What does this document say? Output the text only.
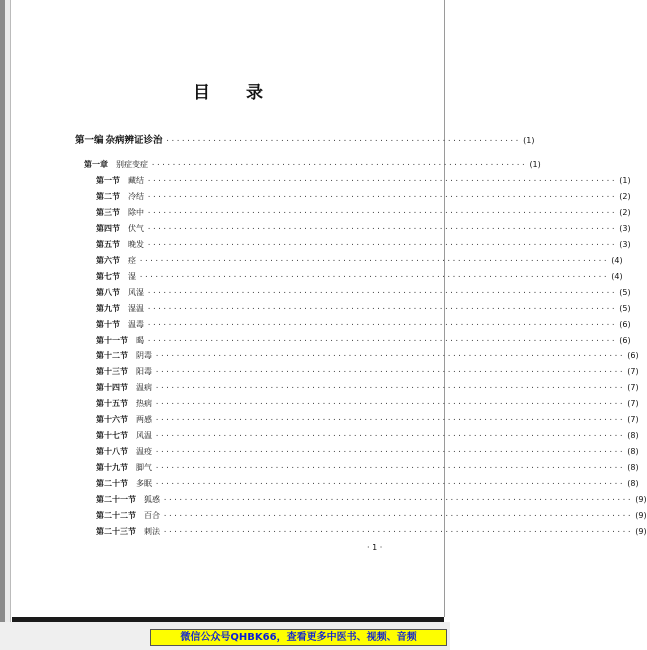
目 录
第一编 杂病辨证诊治 ···································································· (1)
第一章 别症变症 ········································································ (1)
第一节 藏结 ·························································································· (1)
第二节 冷结 ·························································································· (2)
第三节 除中 ·························································································· (2)
第四节 伏气 ·························································································· (3)
第五节 晚发 ·························································································· (3)
第六节 痉 ·························································································· (4)
第七节 湿 ·························································································· (4)
第八节 风湿 ·························································································· (5)
第九节 湿温 ·························································································· (5)
第十节 温毒 ·························································································· (6)
第十一节 暍 ·························································································· (6)
第十二节 阴毒 ·························································································· (6)
第十三节 阳毒 ·························································································· (7)
第十四节 温病 ·························································································· (7)
第十五节 热病 ·························································································· (7)
第十六节 两感 ·························································································· (7)
第十七节 风温 ·························································································· (8)
第十八节 温疫 ·························································································· (8)
第十九节 脚气 ·························································································· (8)
第二十节 多眠 ·························································································· (8)
第二十一节 狐惑 ·························································································· (9)
第二十二节 百合 ·························································································· (9)
第二十三节 刺法 ·························································································· (9)
· 1 ·
微信公众号QHBK66，查看更多中医书、视频、音频
